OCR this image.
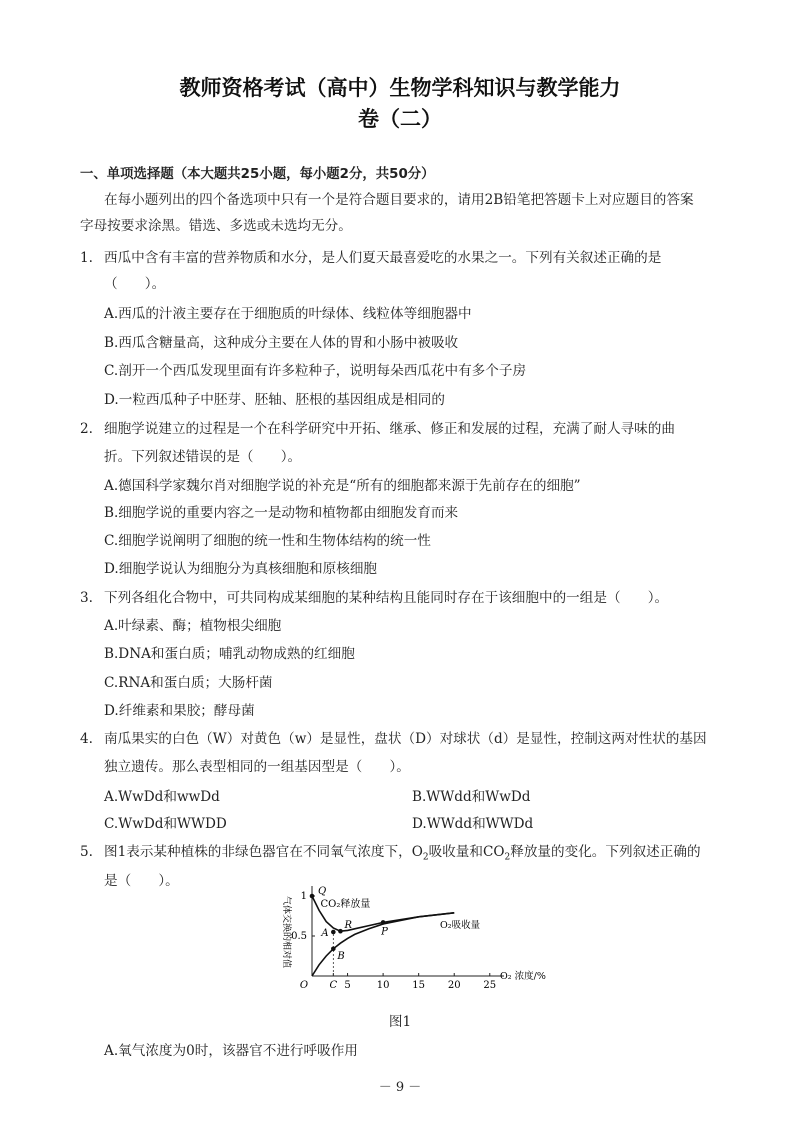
教师资格考试（高中）生物学科知识与教学能力
卷（二）
一、单项选择题（本大题共25小题，每小题2分，共50分）
在每小题列出的四个备选项中只有一个是符合题目要求的，请用2B铅笔把答题卡上对应题目的答案
字母按要求涂黑。错选、多选或未选均无分。
1. 西瓜中含有丰富的营养物质和水分，是人们夏天最喜爱吃的水果之一。下列有关叙述正确的是
（　　）。
A.西瓜的汁液主要存在于细胞质的叶绿体、线粒体等细胞器中
B.西瓜含糖量高，这种成分主要在人体的胃和小肠中被吸收
C.剖开一个西瓜发现里面有许多粒种子，说明每朵西瓜花中有多个子房
D.一粒西瓜种子中胚芽、胚轴、胚根的基因组成是相同的
2. 细胞学说建立的过程是一个在科学研究中开拓、继承、修正和发展的过程，充满了耐人寻味的曲
折。下列叙述错误的是（　　）。
A.德国科学家魏尔肖对细胞学说的补充是“所有的细胞都来源于先前存在的细胞”
B.细胞学说的重要内容之一是动物和植物都由细胞发育而来
C.细胞学说阐明了细胞的统一性和生物体结构的统一性
D.细胞学说认为细胞分为真核细胞和原核细胞
3. 下列各组化合物中，可共同构成某细胞的某种结构且能同时存在于该细胞中的一组是（　　）。
A.叶绿素、酶；植物根尖细胞
B.DNA和蛋白质；哺乳动物成熟的红细胞
C.RNA和蛋白质；大肠杆菌
D.纤维素和果胶；酵母菌
4. 南瓜果实的白色（W）对黄色（w）是显性，盘状（D）对球状（d）是显性，控制这两对性状的基因
独立遗传。那么表型相同的一组基因型是（　　）。
A.WwDd和wwDd	B.WWdd和WwDd
C.WwDd和WWDD	D.WWdd和WWDd
5. 图1表示某种植株的非绿色器官在不同氧气浓度下，$O_2$吸收量和$CO_2$释放量的变化。下列叙述正确的
是（　　）。
O C 5	10 15 20 25
1
0.5
气体交换的相对值
O₂ 浓度/%
Q
R
A
B
P
CO₂释放量
O₂吸收量
图1
A.氧气浓度为0时，该器官不进行呼吸作用
－ 9 －
